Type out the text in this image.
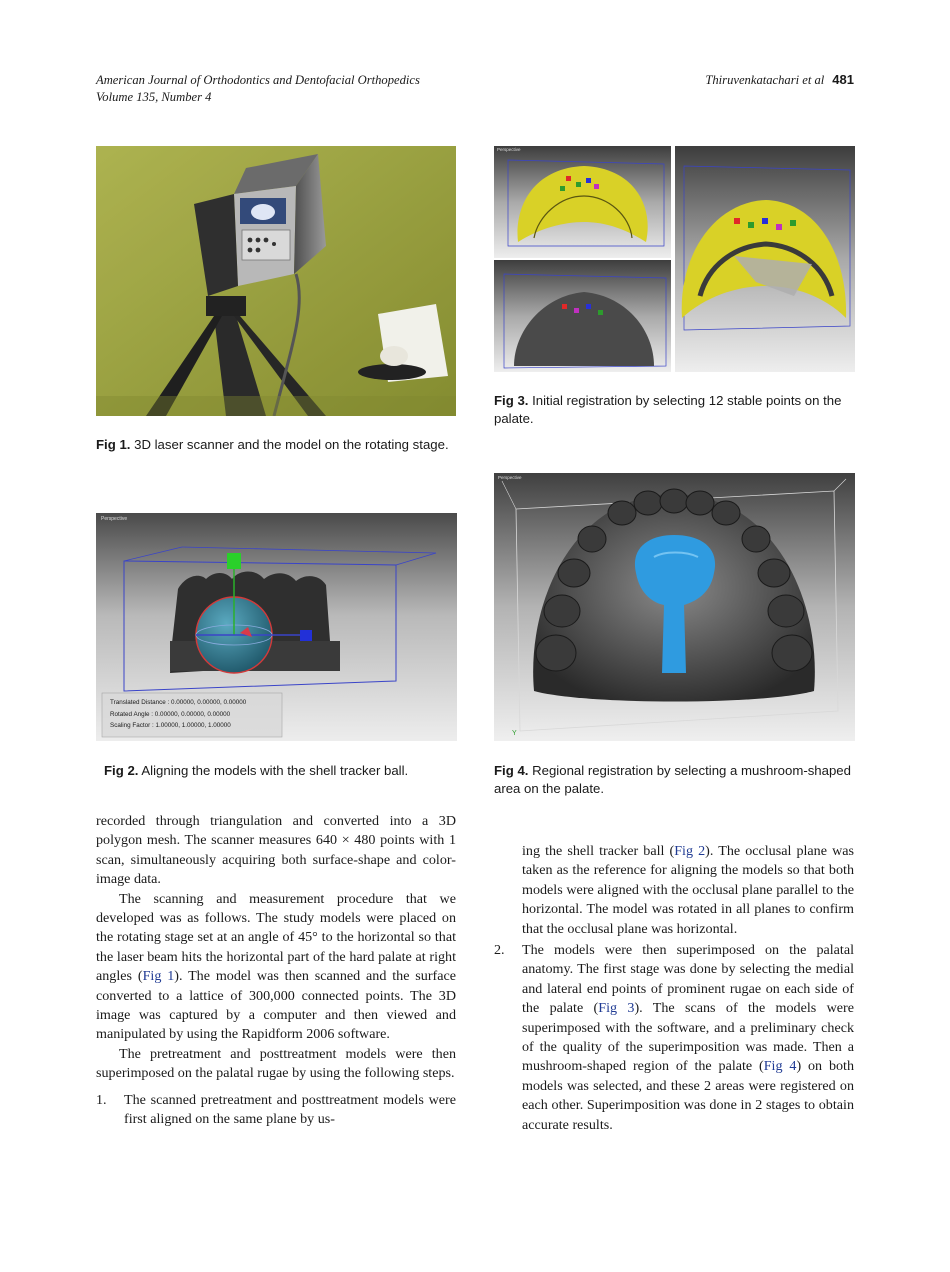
American Journal of Orthodontics and Dentofacial Orthopedics
Volume 135, Number 4
Thiruvenkatachari et al 481
Fig 1. 3D laser scanner and the model on the rotating stage.
Perspective
Translated Distance : 0.00000, 0.00000, 0.00000
Rotated Angle : 0.00000, 0.00000, 0.00000
Scaling Factor : 1.00000, 1.00000, 1.00000
Fig 2. Aligning the models with the shell tracker ball.
Perspective
Fig 3. Initial registration by selecting 12 stable points on the palate.
Y
Perspective
Fig 4. Regional registration by selecting a mushroom-shaped area on the palate.

recorded through triangulation and converted into a 3D polygon mesh. The scanner measures 640 × 480 points with 1 scan, simultaneously acquiring both surface-shape and color-image data.

The scanning and measurement procedure that we developed was as follows. The study models were placed on the rotating stage set at an angle of 45° to the horizontal so that the laser beam hits the horizontal part of the hard palate at right angles (Fig 1). The model was then scanned and the surface converted to a lattice of 300,000 connected points. The 3D image was captured by a computer and then viewed and manipulated by using the Rapidform 2006 software.

The pretreatment and posttreatment models were then superimposed on the palatal rugae by using the following steps.

1. The scanned pretreatment and posttreatment models were first aligned on the same plane by us-
ing the shell tracker ball (Fig 2). The occlusal plane was taken as the reference for aligning the models so that both models were aligned with the occlusal plane parallel to the horizontal. The model was rotated in all planes to confirm that the occlusal plane was horizontal.
2. The models were then superimposed on the palatal anatomy. The first stage was done by selecting the medial and lateral end points of prominent rugae on each side of the palate (Fig 3). The scans of the models were superimposed with the software, and a preliminary check of the quality of the superimposition was made. Then a mushroom-shaped region of the palate (Fig 4) on both models was selected, and these 2 areas were registered on each other. Superimposition was done in 2 stages to obtain accurate results.
